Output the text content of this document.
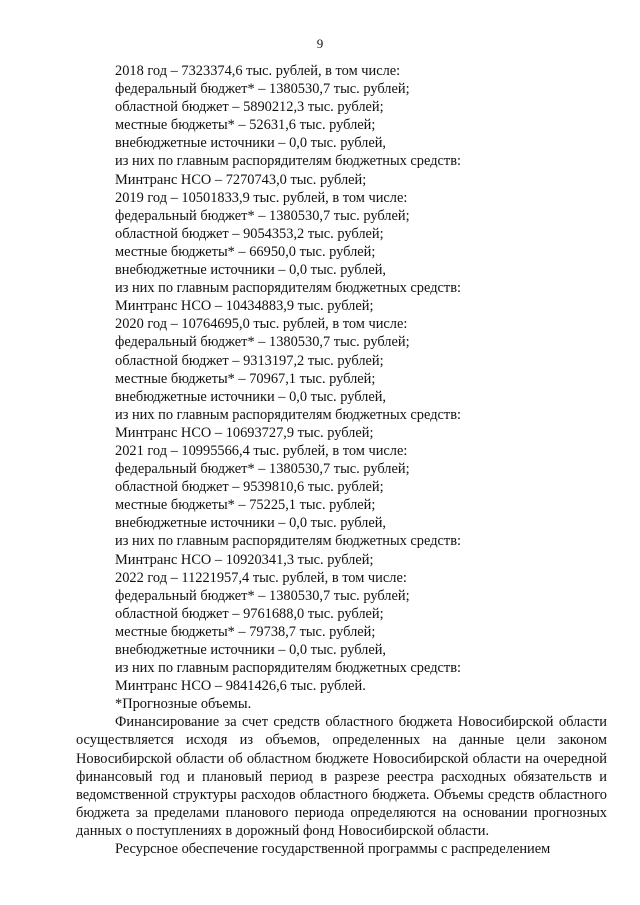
9

2018 год – 7323374,6 тыс. рублей, в том числе:

федеральный бюджет* – 1380530,7 тыс. рублей;

областной бюджет – 5890212,3 тыс. рублей;

местные бюджеты* – 52631,6 тыс. рублей;

внебюджетные источники – 0,0 тыс. рублей,

из них по главным распорядителям бюджетных средств:

Минтранс НСО – 7270743,0 тыс. рублей;

2019 год – 10501833,9 тыс. рублей, в том числе:

федеральный бюджет* – 1380530,7 тыс. рублей;

областной бюджет – 9054353,2 тыс. рублей;

местные бюджеты* – 66950,0 тыс. рублей;

внебюджетные источники – 0,0 тыс. рублей,

из них по главным распорядителям бюджетных средств:

Минтранс НСО – 10434883,9 тыс. рублей;

2020 год – 10764695,0 тыс. рублей, в том числе:

федеральный бюджет* – 1380530,7 тыс. рублей;

областной бюджет – 9313197,2 тыс. рублей;

местные бюджеты* – 70967,1 тыс. рублей;

внебюджетные источники – 0,0 тыс. рублей,

из них по главным распорядителям бюджетных средств:

Минтранс НСО – 10693727,9 тыс. рублей;

2021 год – 10995566,4 тыс. рублей, в том числе:

федеральный бюджет* – 1380530,7 тыс. рублей;

областной бюджет – 9539810,6 тыс. рублей;

местные бюджеты* – 75225,1 тыс. рублей;

внебюджетные источники – 0,0 тыс. рублей,

из них по главным распорядителям бюджетных средств:

Минтранс НСО – 10920341,3 тыс. рублей;

2022 год – 11221957,4 тыс. рублей, в том числе:

федеральный бюджет* – 1380530,7 тыс. рублей;

областной бюджет – 9761688,0 тыс. рублей;

местные бюджеты* – 79738,7 тыс. рублей;

внебюджетные источники – 0,0 тыс. рублей,

из них по главным распорядителям бюджетных средств:

Минтранс НСО – 9841426,6 тыс. рублей.

*Прогнозные объемы.

Финансирование за счет средств областного бюджета Новосибирской области осуществляется исходя из объемов, определенных на данные цели законом Новосибирской области об областном бюджете Новосибирской области на очередной финансовый год и плановый период в разрезе реестра расходных обязательств и ведомственной структуры расходов областного бюджета. Объемы средств областного бюджета за пределами планового периода определяются на основании прогнозных данных о поступлениях в дорожный фонд Новосибирской области.

Ресурсное обеспечение государственной программы с распределением
